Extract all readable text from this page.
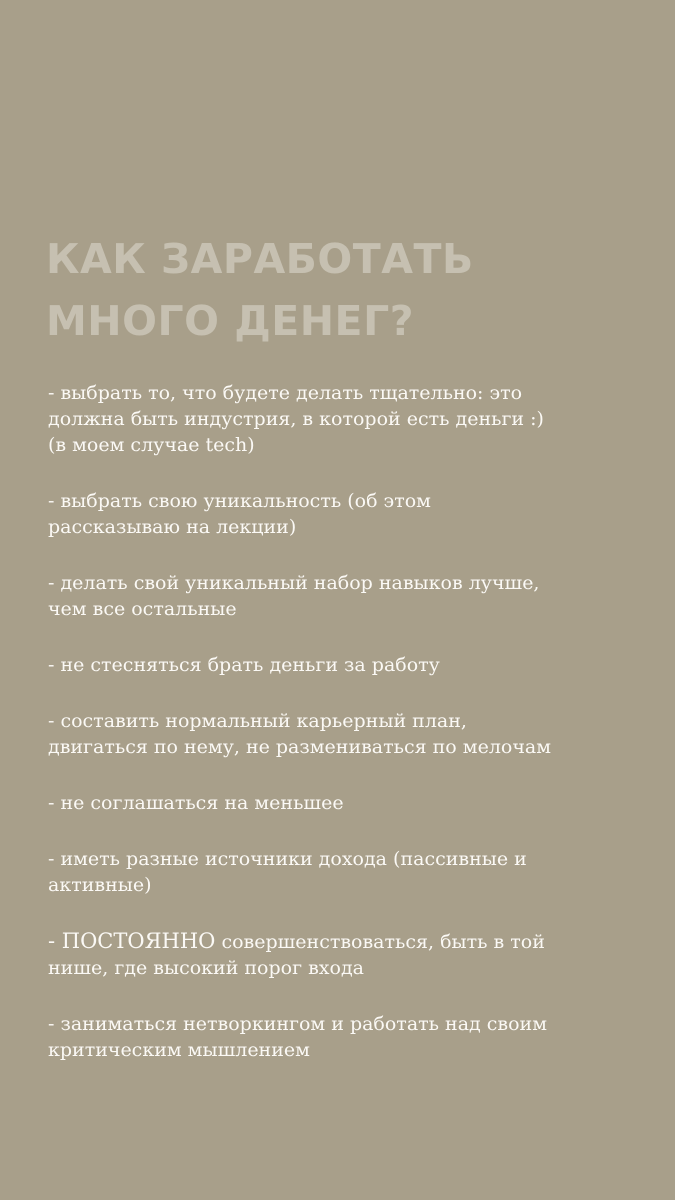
КАК ЗАРАБОТАТЬ
МНОГО ДЕНЕГ?
- выбрать то, что будете делать тщательно: это
должна быть индустрия, в которой есть деньги :)
(в моем случае tech)
- выбрать свою уникальность (об этом
рассказываю на лекции)
- делать свой уникальный набор навыков лучше,
чем все остальные
- не стесняться брать деньги за работу
- составить нормальный карьерный план,
двигаться по нему, не размениваться по мелочам
- не соглашаться на меньшее
- иметь разные источники дохода (пассивные и
активные)
- ПОСТОЯННО совершенствоваться, быть в той
нише, где высокий порог входа
- заниматься нетворкингом и работать над своим
критическим мышлением
